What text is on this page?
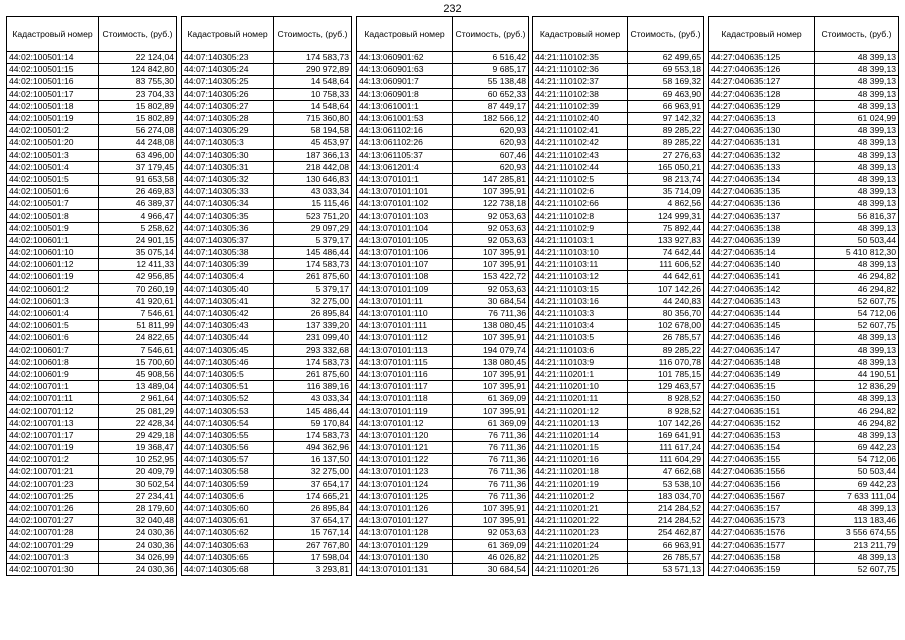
232
Кадастровый номер	Стоимость, (руб.)
44:02:100501:14	22 124,04
44:02:100501:15	124 842,80
44:02:100501:16	83 755,30
44:02:100501:17	23 704,33
44:02:100501:18	15 802,89
44:02:100501:19	15 802,89
44:02:100501:2	56 274,08
44:02:100501:20	44 248,08
44:02:100501:3	63 496,00
44:02:100501:4	37 179,45
44:02:100501:5	91 653,58
44:02:100501:6	26 469,83
44:02:100501:7	46 389,37
44:02:100501:8	4 966,47
44:02:100501:9	5 258,62
44:02:100601:1	24 901,15
44:02:100601:10	35 075,14
44:02:100601:12	12 411,33
44:02:100601:19	42 956,85
44:02:100601:2	70 260,19
44:02:100601:3	41 920,61
44:02:100601:4	7 546,61
44:02:100601:5	51 811,99
44:02:100601:6	24 822,65
44:02:100601:7	7 546,61
44:02:100601:8	15 700,60
44:02:100601:9	45 908,56
44:02:100701:1	13 489,04
44:02:100701:11	2 961,64
44:02:100701:12	25 081,29
44:02:100701:13	22 428,34
44:02:100701:17	29 429,18
44:02:100701:19	19 368,47
44:02:100701:2	10 252,95
44:02:100701:21	20 409,79
44:02:100701:23	30 502,54
44:02:100701:25	27 234,41
44:02:100701:26	28 179,60
44:02:100701:27	32 040,48
44:02:100701:28	24 030,36
44:02:100701:29	24 030,36
44:02:100701:3	34 026,99
44:02:100701:30	24 030,36
Кадастровый номер	Стоимость, (руб.)
44:07:140305:23	174 583,73
44:07:140305:24	290 972,89
44:07:140305:25	14 548,64
44:07:140305:26	10 758,33
44:07:140305:27	14 548,64
44:07:140305:28	715 360,80
44:07:140305:29	58 194,58
44:07:140305:3	45 453,97
44:07:140305:30	187 366,13
44:07:140305:31	218 442,08
44:07:140305:32	130 646,83
44:07:140305:33	43 033,34
44:07:140305:34	15 115,46
44:07:140305:35	523 751,20
44:07:140305:36	29 097,29
44:07:140305:37	5 379,17
44:07:140305:38	145 486,44
44:07:140305:39	174 583,73
44:07:140305:4	261 875,60
44:07:140305:40	5 379,17
44:07:140305:41	32 275,00
44:07:140305:42	26 895,84
44:07:140305:43	137 339,20
44:07:140305:44	231 099,40
44:07:140305:45	293 332,68
44:07:140305:46	174 583,73
44:07:140305:5	261 875,60
44:07:140305:51	116 389,16
44:07:140305:52	43 033,34
44:07:140305:53	145 486,44
44:07:140305:54	59 170,84
44:07:140305:55	174 583,73
44:07:140305:56	494 362,96
44:07:140305:57	16 137,50
44:07:140305:58	32 275,00
44:07:140305:59	37 654,17
44:07:140305:6	174 665,21
44:07:140305:60	26 895,84
44:07:140305:61	37 654,17
44:07:140305:62	15 767,14
44:07:140305:63	267 767,80
44:07:140305:65	17 598,04
44:07:140305:68	3 293,81
Кадастровый номер	Стоимость, (руб.)
44:13:060901:62	6 516,42
44:13:060901:63	9 685,17
44:13:060901:7	55 138,48
44:13:060901:8	60 652,33
44:13:061001:1	87 449,17
44:13:061001:53	182 566,12
44:13:061102:16	620,93
44:13:061102:26	620,93
44:13:061105:37	607,46
44:13:061201:4	620,93
44:13:070101:1	147 285,81
44:13:070101:101	107 395,91
44:13:070101:102	122 738,18
44:13:070101:103	92 053,63
44:13:070101:104	92 053,63
44:13:070101:105	92 053,63
44:13:070101:106	107 395,91
44:13:070101:107	107 395,91
44:13:070101:108	153 422,72
44:13:070101:109	92 053,63
44:13:070101:11	30 684,54
44:13:070101:110	76 711,36
44:13:070101:111	138 080,45
44:13:070101:112	107 395,91
44:13:070101:113	194 079,74
44:13:070101:115	138 080,45
44:13:070101:116	107 395,91
44:13:070101:117	107 395,91
44:13:070101:118	61 369,09
44:13:070101:119	107 395,91
44:13:070101:12	61 369,09
44:13:070101:120	76 711,36
44:13:070101:121	76 711,36
44:13:070101:122	76 711,36
44:13:070101:123	76 711,36
44:13:070101:124	76 711,36
44:13:070101:125	76 711,36
44:13:070101:126	107 395,91
44:13:070101:127	107 395,91
44:13:070101:128	92 053,63
44:13:070101:129	61 369,09
44:13:070101:130	46 026,82
44:13:070101:131	30 684,54
Кадастровый номер	Стоимость, (руб.)
44:21:110102:35	62 499,65
44:21:110102:36	69 553,18
44:21:110102:37	58 169,32
44:21:110102:38	69 463,90
44:21:110102:39	66 963,91
44:21:110102:40	97 142,32
44:21:110102:41	89 285,22
44:21:110102:42	89 285,22
44:21:110102:43	27 276,63
44:21:110102:44	165 050,21
44:21:110102:5	98 213,74
44:21:110102:6	35 714,09
44:21:110102:66	4 862,56
44:21:110102:8	124 999,31
44:21:110102:9	75 892,44
44:21:110103:1	133 927,83
44:21:110103:10	74 642,44
44:21:110103:11	111 606,52
44:21:110103:12	44 642,61
44:21:110103:15	107 142,26
44:21:110103:16	44 240,83
44:21:110103:3	80 356,70
44:21:110103:4	102 678,00
44:21:110103:5	26 785,57
44:21:110103:6	89 285,22
44:21:110103:9	116 070,78
44:21:110201:1	101 785,15
44:21:110201:10	129 463,57
44:21:110201:11	8 928,52
44:21:110201:12	8 928,52
44:21:110201:13	107 142,26
44:21:110201:14	169 641,91
44:21:110201:15	111 617,24
44:21:110201:16	111 604,29
44:21:110201:18	47 662,68
44:21:110201:19	53 538,10
44:21:110201:2	183 034,70
44:21:110201:21	214 284,52
44:21:110201:22	214 284,52
44:21:110201:23	254 462,87
44:21:110201:24	66 963,91
44:21:110201:25	26 785,57
44:21:110201:26	53 571,13
Кадастровый номер	Стоимость, (руб.)
44:27:040635:125	48 399,13
44:27:040635:126	48 399,13
44:27:040635:127	48 399,13
44:27:040635:128	48 399,13
44:27:040635:129	48 399,13
44:27:040635:13	61 024,99
44:27:040635:130	48 399,13
44:27:040635:131	48 399,13
44:27:040635:132	48 399,13
44:27:040635:133	48 399,13
44:27:040635:134	48 399,13
44:27:040635:135	48 399,13
44:27:040635:136	48 399,13
44:27:040635:137	56 816,37
44:27:040635:138	48 399,13
44:27:040635:139	50 503,44
44:27:040635:14	5 410 812,30
44:27:040635:140	48 399,13
44:27:040635:141	46 294,82
44:27:040635:142	46 294,82
44:27:040635:143	52 607,75
44:27:040635:144	54 712,06
44:27:040635:145	52 607,75
44:27:040635:146	48 399,13
44:27:040635:147	48 399,13
44:27:040635:148	48 399,13
44:27:040635:149	44 190,51
44:27:040635:15	12 836,29
44:27:040635:150	48 399,13
44:27:040635:151	46 294,82
44:27:040635:152	46 294,82
44:27:040635:153	48 399,13
44:27:040635:154	69 442,23
44:27:040635:155	54 712,06
44:27:040635:1556	50 503,44
44:27:040635:156	69 442,23
44:27:040635:1567	7 633 111,04
44:27:040635:157	48 399,13
44:27:040635:1573	113 183,46
44:27:040635:1576	3 556 674,55
44:27:040635:1577	213 211,79
44:27:040635:158	48 399,13
44:27:040635:159	52 607,75
